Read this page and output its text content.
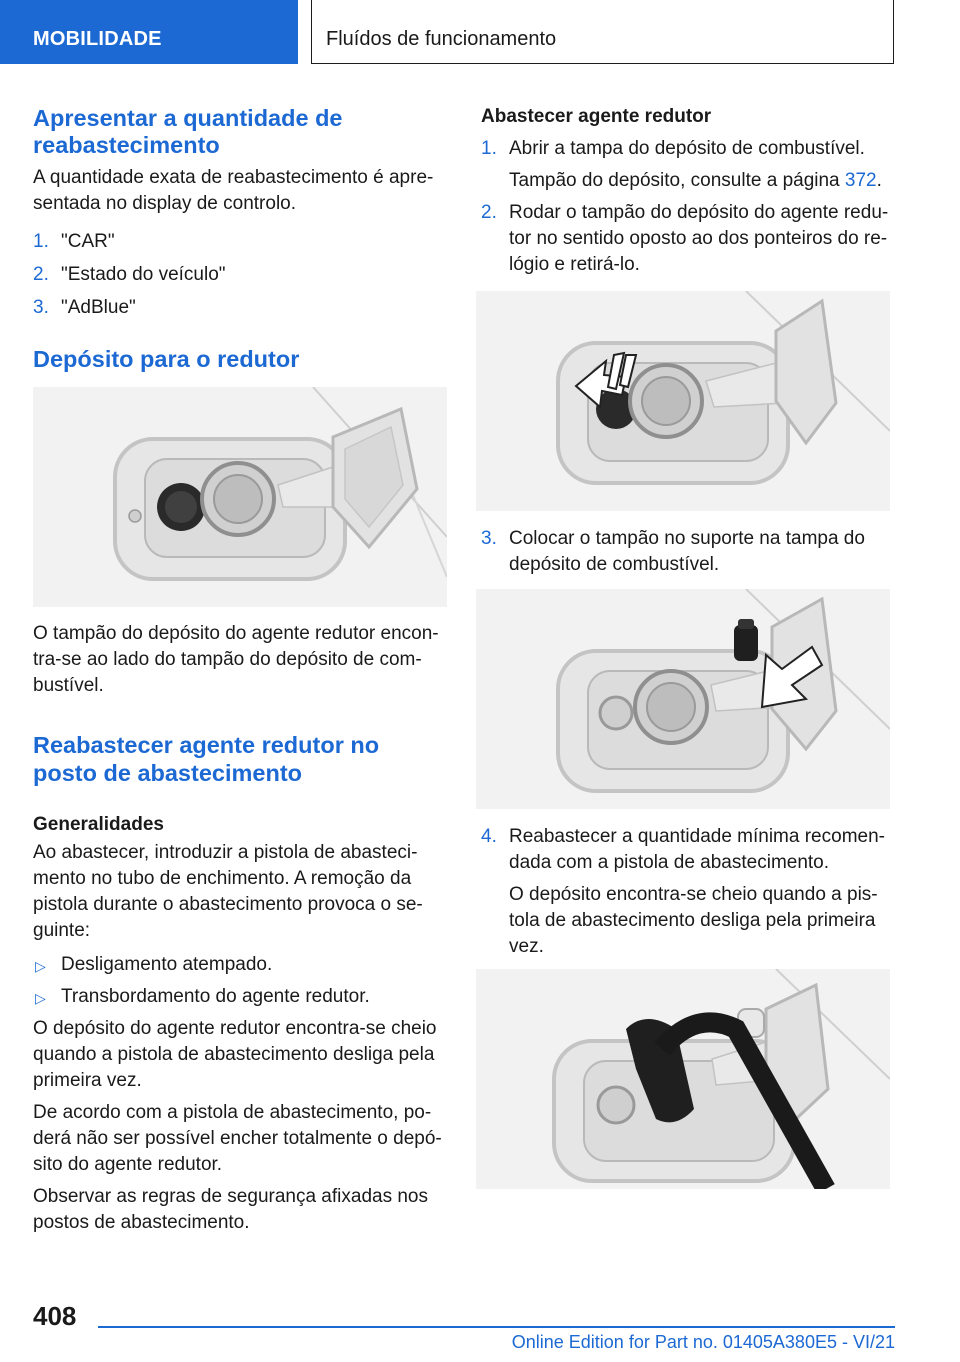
MOBILIDADE	Fluídos de funcionamento
Apresentar a quantidade de
reabastecimento
A quantidade exata de reabastecimento é apre-
sentada no display de controlo.
1. "CAR"
2. "Estado do veículo"
3. "AdBlue"
Depósito para o redutor
O tampão do depósito do agente redutor encon-
tra-se ao lado do tampão do depósito de com-
bustível.
Reabastecer agente redutor no
posto de abastecimento
Generalidades
Ao abastecer, introduzir a pistola de abasteci-
mento no tubo de enchimento. A remoção da
pistola durante o abastecimento provoca o se-
guinte:
▷ Desligamento atempado.
▷ Transbordamento do agente redutor.
O depósito do agente redutor encontra-se cheio
quando a pistola de abastecimento desliga pela
primeira vez.
De acordo com a pistola de abastecimento, po-
derá não ser possível encher totalmente o depó-
sito do agente redutor.
Observar as regras de segurança afixadas nos
postos de abastecimento.
Abastecer agente redutor
1. Abrir a tampa do depósito de combustível.
Tampão do depósito, consulte a página 372.
2. Rodar o tampão do depósito do agente redu-
tor no sentido oposto ao dos ponteiros do re-
lógio e retirá-lo.
3. Colocar o tampão no suporte na tampa do
depósito de combustível.
4. Reabastecer a quantidade mínima recomen-
dada com a pistola de abastecimento.
O depósito encontra-se cheio quando a pis-
tola de abastecimento desliga pela primeira
vez.
408
Online Edition for Part no. 01405A380E5 - VI/21
